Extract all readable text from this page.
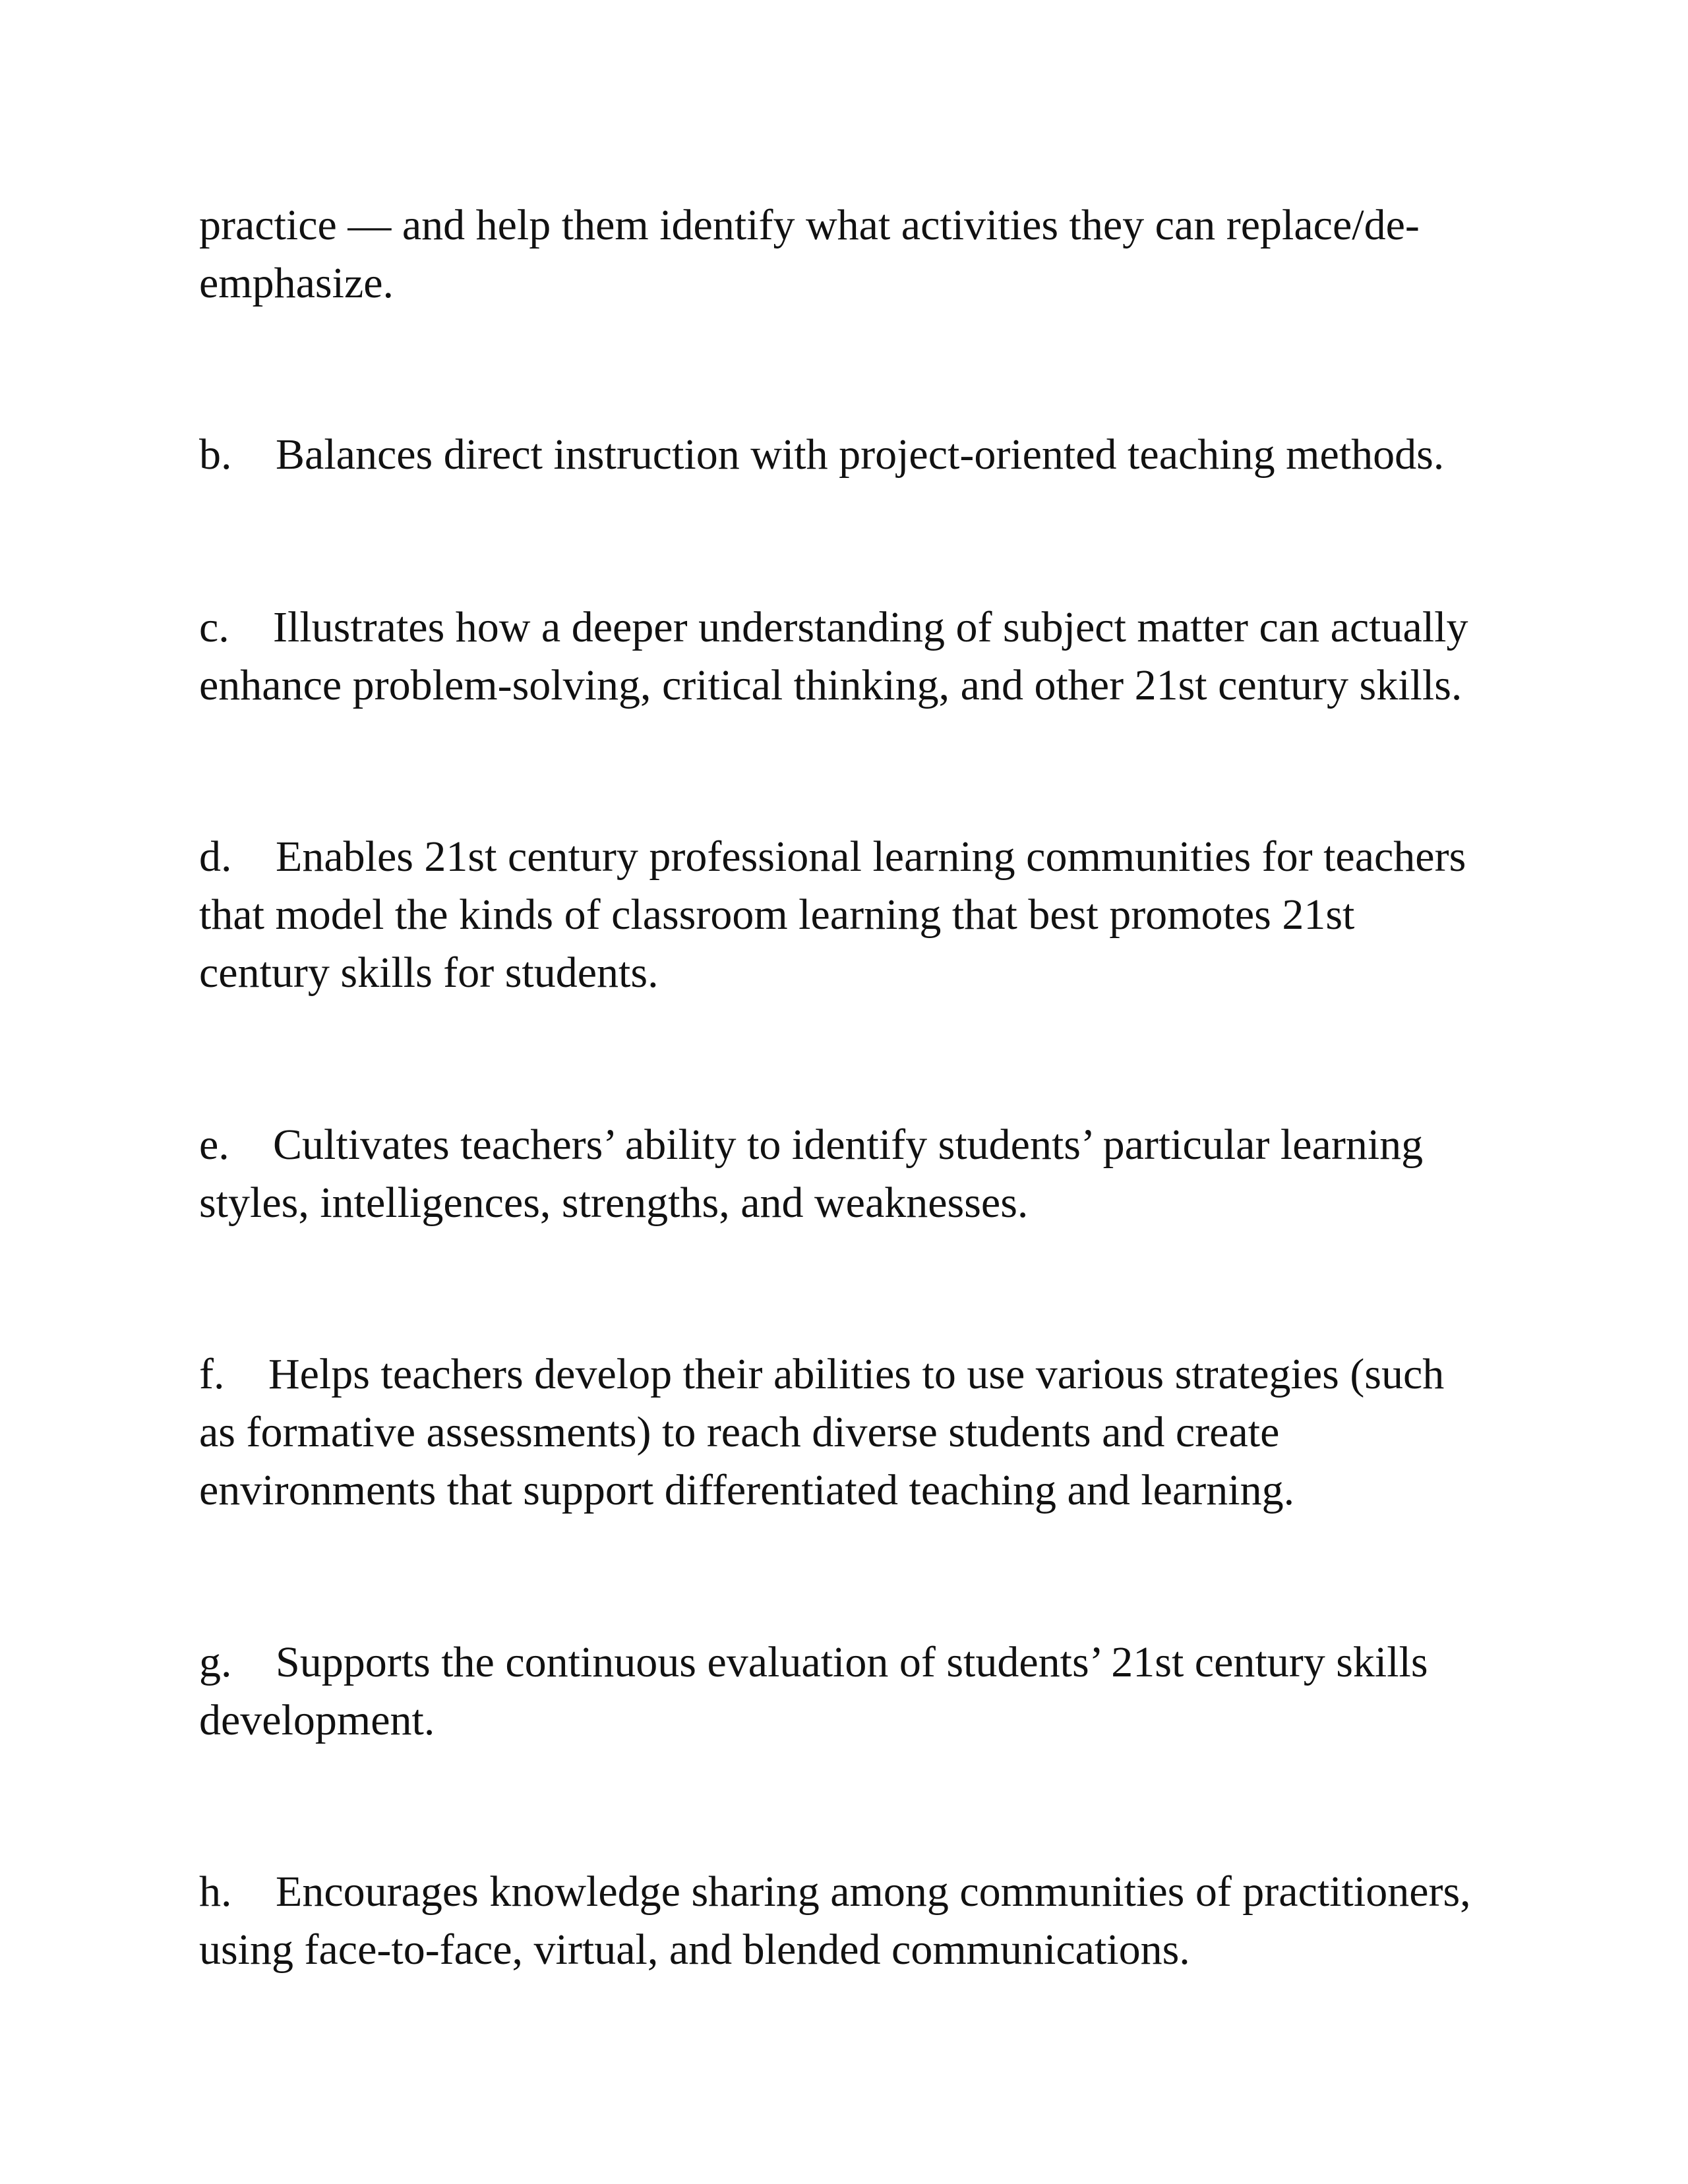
practice — and help them identify what activities they can replace/de-
emphasize.

b. Balances direct instruction with project-oriented teaching methods.

c. Illustrates how a deeper understanding of subject matter can actually
enhance problem-solving, critical thinking, and other 21st century skills.

d. Enables 21st century professional learning communities for teachers
that model the kinds of classroom learning that best promotes 21st
century skills for students.

e. Cultivates teachers’ ability to identify students’ particular learning
styles, intelligences, strengths, and weaknesses.

f. Helps teachers develop their abilities to use various strategies (such
as formative assessments) to reach diverse students and create
environments that support differentiated teaching and learning.

g. Supports the continuous evaluation of students’ 21st century skills
development.

h. Encourages knowledge sharing among communities of practitioners,
using face-to-face, virtual, and blended communications.
